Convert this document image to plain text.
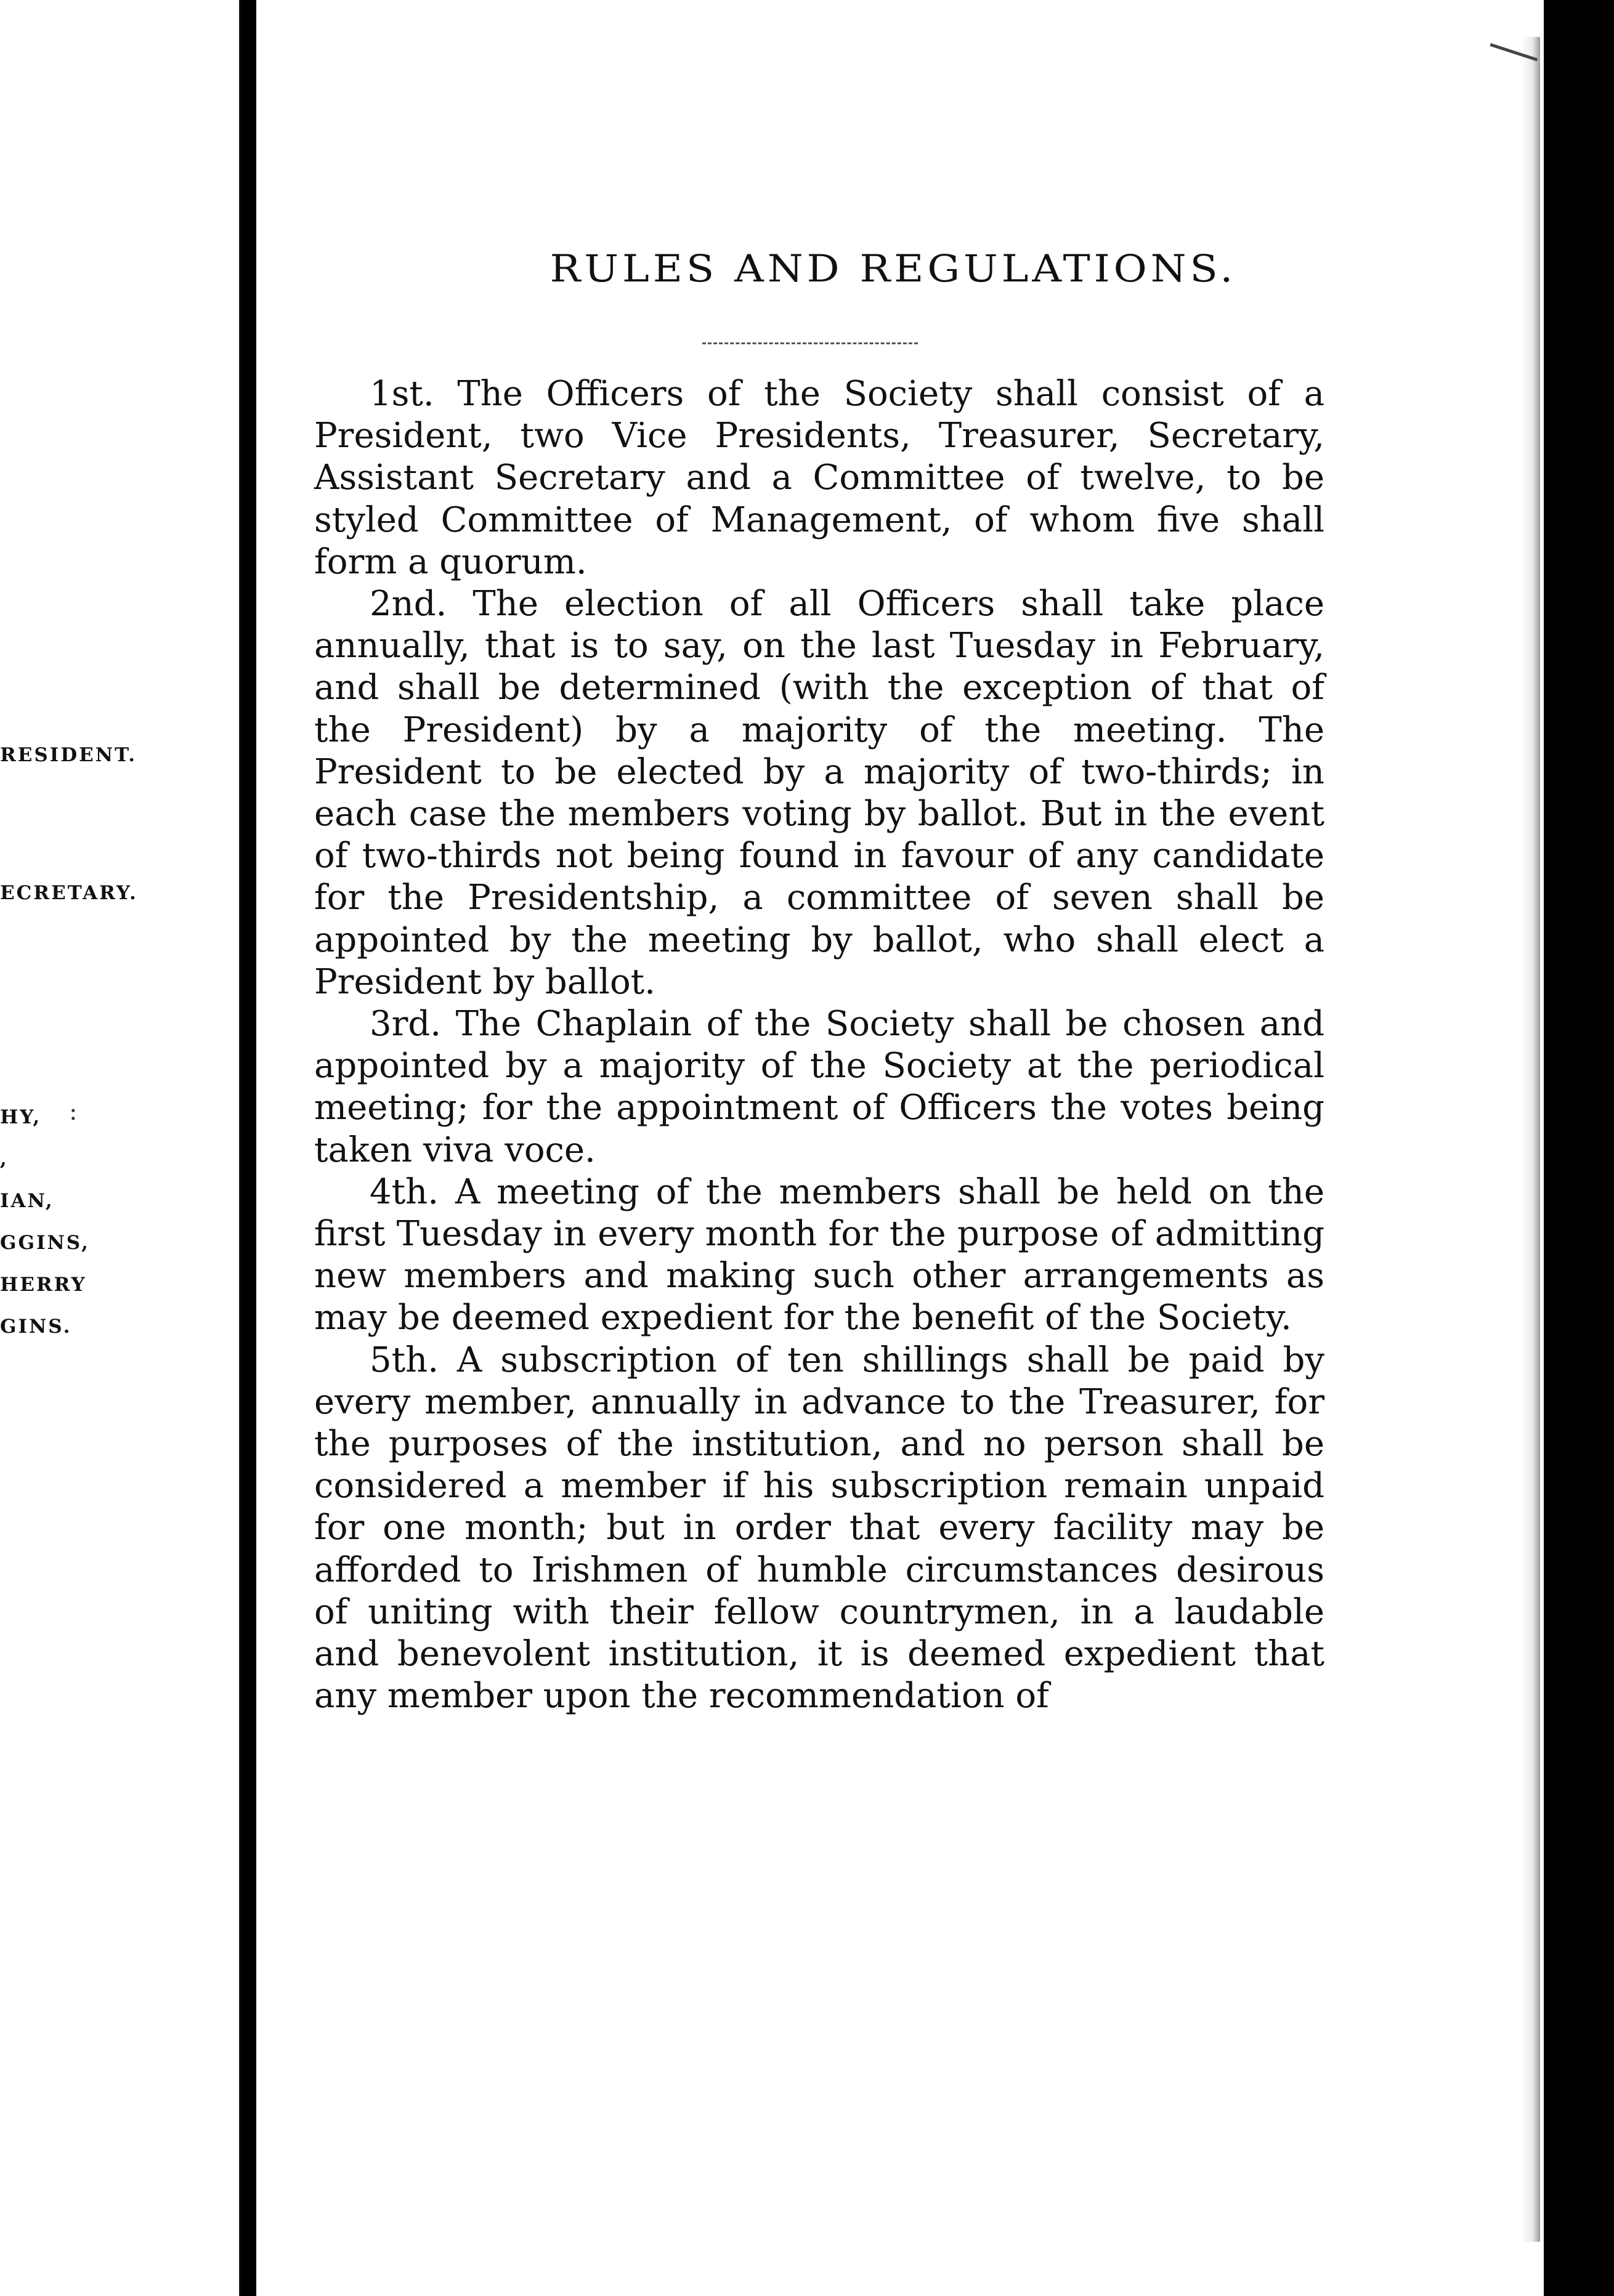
RESIDENT.
ECRETARY.
HY,
,
IAN,
GGINS,
HERRY
GINS.
:
RULES AND REGULATIONS.

1st. The Officers of the Society shall consist of a President, two Vice Presidents, Treasurer, Secretary, Assistant Secretary and a Committee of twelve, to be styled Committee of Management, of whom five shall form a quorum.

2nd. The election of all Officers shall take place annually, that is to say, on the last Tuesday in February, and shall be determined (with the exception of that of the President) by a majority of the meeting. The President to be elected by a majority of two-thirds; in each case the members voting by ballot. But in the event of two-thirds not being found in favour of any candidate for the Presidentship, a committee of seven shall be appointed by the meeting by ballot, who shall elect a President by ballot.

3rd. The Chaplain of the Society shall be chosen and appointed by a majority of the Society at the periodical meeting; for the appointment of Officers the votes being taken viva voce.

4th. A meeting of the members shall be held on the first Tuesday in every month for the purpose of admitting new members and making such other arrangements as may be deemed expedient for the benefit of the Society.

5th. A subscription of ten shillings shall be paid by every member, annually in advance to the Treasurer, for the purposes of the institution, and no person shall be considered a member if his subscription remain unpaid for one month; but in order that every facility may be afforded to Irishmen of humble circumstances desirous of uniting with their fellow countrymen, in a laudable and benevolent institution, it is deemed expedient that any member upon the recommendation of
